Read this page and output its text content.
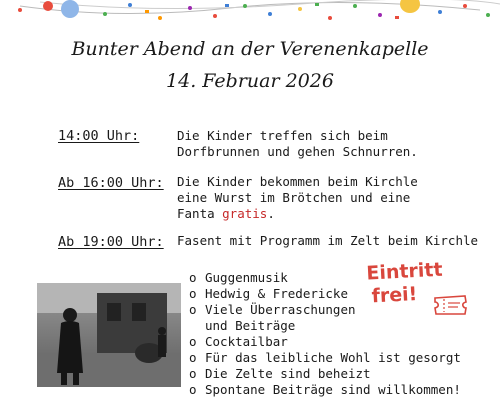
Bunter Abend an der Verenenkapelle
14. Februar 2026
14:00 Uhr:	Die Kinder treffen sich beim
Dorfbrunnen und gehen Schnurren.
Ab 16:00 Uhr: Die Kinder bekommen beim Kirchle
eine Wurst im Brötchen und eine
Fanta gratis.
Ab 19:00 Uhr: Fasent mit Programm im Zelt beim Kirchle
o Guggenmusik
o Hedwig & Fredericke
o Viele Überraschungen
und Beiträge
o Cocktailbar
o Für das leibliche Wohl ist gesorgt
o Die Zelte sind beheizt
o Spontane Beiträge sind willkommen!
Eintritt
frei!
